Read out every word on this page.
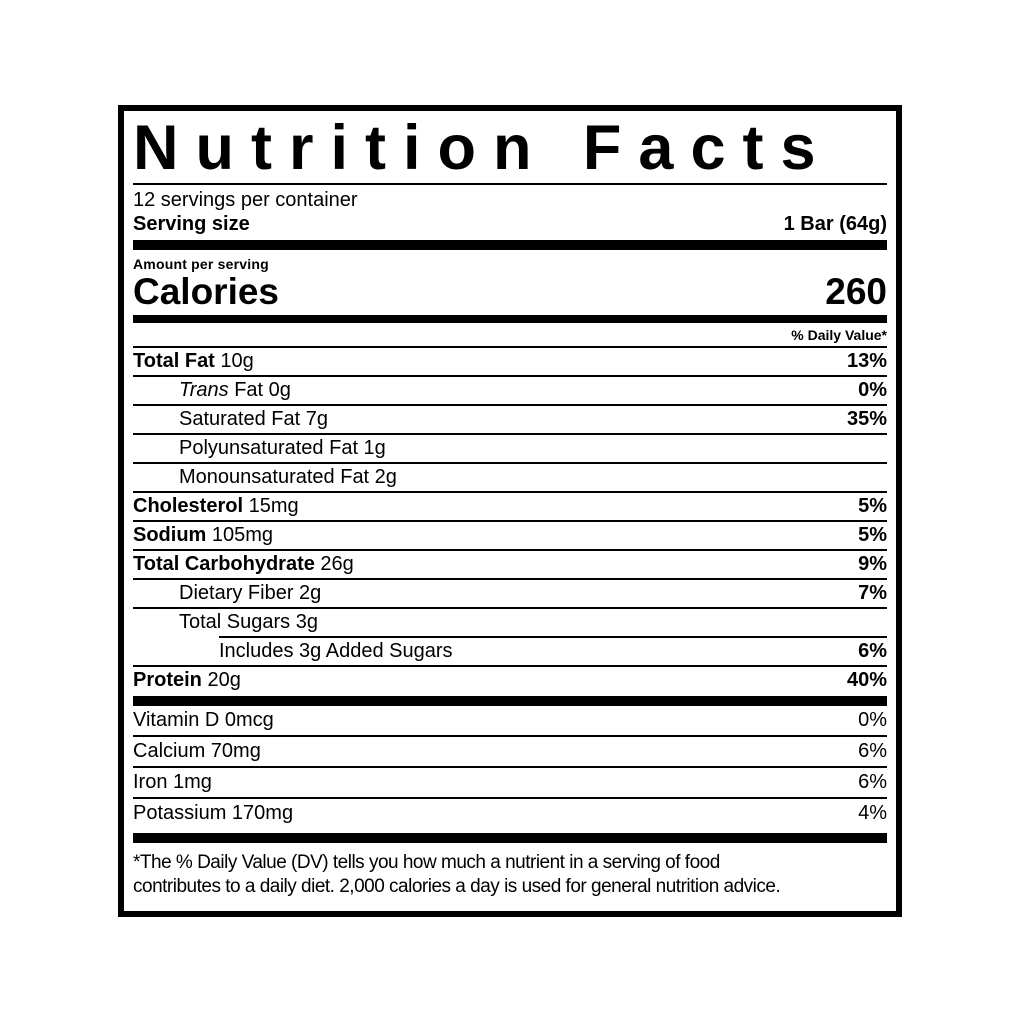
Nutrition Facts
12 servings per container
Serving size	1 Bar (64g)
Amount per serving
Calories	260
% Daily Value*
Total Fat 10g	13%
Trans Fat 0g	0%
Saturated Fat 7g	35%
Polyunsaturated Fat 1g
Monounsaturated Fat 2g
Cholesterol 15mg	5%
Sodium 105mg	5%
Total Carbohydrate 26g	9%
Dietary Fiber 2g	7%
Total Sugars 3g
Includes 3g Added Sugars	6%
Protein 20g	40%
Vitamin D 0mcg	0%
Calcium 70mg	6%
Iron 1mg	6%
Potassium 170mg	4%
*The % Daily Value (DV) tells you how much a nutrient in a serving of food
contributes to a daily diet. 2,000 calories a day is used for general nutrition advice.
